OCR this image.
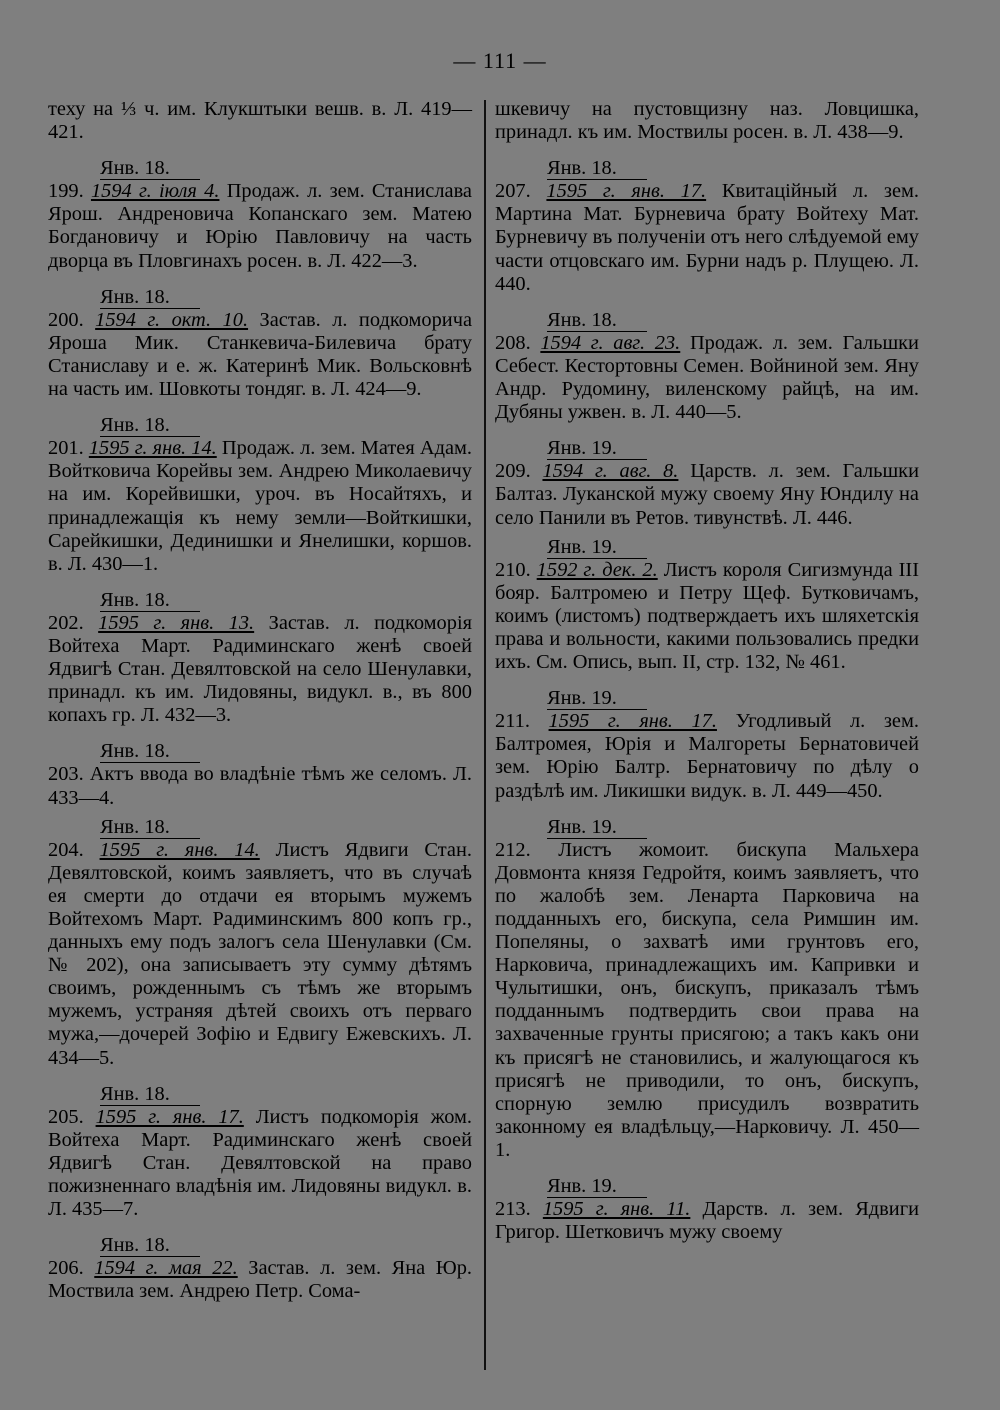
— 111 —
теху на ⅓ ч. им. Клукштыки вешв. в. Л. 419—421.
Янв. 18.
199. 1594 г. іюля 4. Продаж. л. зем. Станислава Ярош. Андреновича Копанскаго зем. Матею Богдановичу и Юрію Павловичу на часть дворца въ Пловгинахъ росен. в. Л. 422—3.
Янв. 18.
200. 1594 г. окт. 10. Застав. л. подкоморича Яроша Мик. Станкевича-Билевича брату Станиславу и е. ж. Катеринѣ Мик. Вольсковнѣ на часть им. Шовкоты тондяг. в. Л. 424—9.
Янв. 18.
201. 1595 г. янв. 14. Продаж. л. зем. Матея Адам. Войтковича Корейвы зем. Андрею Миколаевичу на им. Корейвишки, уроч. въ Носайтяхъ, и принадлежащія къ нему земли—Войткишки, Сарейкишки, Дединишки и Янелишки, коршов. в. Л. 430—1.
Янв. 18.
202. 1595 г. янв. 13. Застав. л. подкоморія Войтеха Март. Радиминскаго женѣ своей Ядвигѣ Стан. Девялтовской на село Шенулавки, принадл. къ им. Лидовяны, видукл. в., въ 800 копахъ гр. Л. 432—3.
Янв. 18.
203. Актъ ввода во владѣніе тѣмъ же селомъ. Л. 433—4.
Янв. 18.
204. 1595 г. янв. 14. Листъ Ядвиги Стан. Девялтовской, коимъ заявляетъ, что въ случаѣ ея смерти до отдачи ея вторымъ мужемъ Войтехомъ Март. Радиминскимъ 800 копъ гр., данныхъ ему подъ залогъ села Шенулавки (См. № 202), она записываетъ эту сумму дѣтямъ своимъ, рожденнымъ съ тѣмъ же вторымъ мужемъ, устраняя дѣтей своихъ отъ перваго мужа,—дочерей Зофію и Едвигу Ежевскихъ. Л. 434—5.
Янв. 18.
205. 1595 г. янв. 17. Листъ подкоморія жом. Войтеха Март. Радиминскаго женѣ своей Ядвигѣ Стан. Девялтовской на право пожизненнаго владѣнія им. Лидовяны видукл. в. Л. 435—7.
Янв. 18.
206. 1594 г. мая 22. Застав. л. зем. Яна Юр. Моствила зем. Андрею Петр. Сома-
шкевичу на пустовщизну наз. Ловцишка, принадл. къ им. Моствилы росен. в. Л. 438—9.
Янв. 18.
207. 1595 г. янв. 17. Квитаційный л. зем. Мартина Мат. Бурневича брату Войтеху Мат. Бурневичу въ полученіи отъ него слѣдуемой ему части отцовскаго им. Бурни надъ р. Плущею. Л. 440.
Янв. 18.
208. 1594 г. авг. 23. Продаж. л. зем. Гальшки Себест. Кестортовны Семен. Войниной зем. Яну Андр. Рудомину, виленскому райцѣ, на им. Дубяны ужвен. в. Л. 440—5.
Янв. 19.
209. 1594 г. авг. 8. Царств. л. зем. Гальшки Балтаз. Луканской мужу своему Яну Юндилу на село Панили въ Ретов. тивунствѣ. Л. 446.
Янв. 19.
210. 1592 г. дек. 2. Листъ короля Сигизмунда III бояр. Балтромею и Петру Щеф. Бутковичамъ, коимъ (листомъ) подтверждаетъ ихъ шляхетскія права и вольности, какими пользовались предки ихъ. См. Опись, вып. II, стр. 132, № 461.
Янв. 19.
211. 1595 г. янв. 17. Угодливый л. зем. Балтромея, Юрія и Малгореты Бернатовичей зем. Юрію Балтр. Бернатовичу по дѣлу о раздѣлѣ им. Ликишки видук. в. Л. 449—450.
Янв. 19.
212. Листъ жомоит. бискупа Мальхера Довмонта князя Гедройтя, коимъ заявляетъ, что по жалобѣ зем. Ленарта Парковича на подданныхъ его, бискупа, села Римшин им. Попеляны, о захватѣ ими грунтовъ его, Нарковича, принадлежащихъ им. Капривки и Чулытишки, онъ, бискупъ, приказалъ тѣмъ подданнымъ подтвердить свои права на захваченные грунты присягою; а такъ какъ они къ присягѣ не становились, и жалующагося къ присягѣ не приводили, то онъ, бискупъ, спорную землю присудилъ возвратить законному ея владѣльцу,—Нарковичу. Л. 450—1.
Янв. 19.
213. 1595 г. янв. 11. Дарств. л. зем. Ядвиги Григор. Шетковичъ мужу своему
